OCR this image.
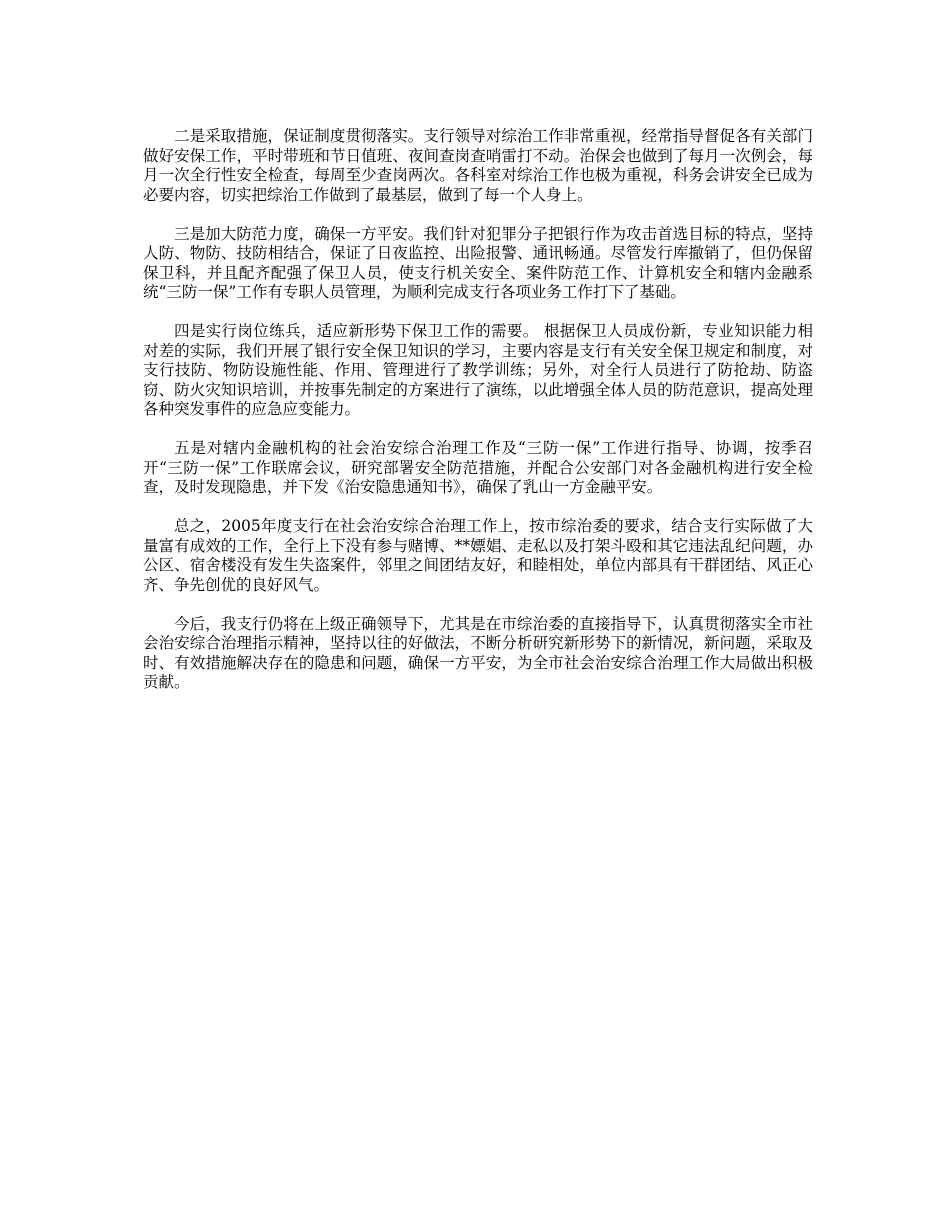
二是采取措施，保证制度贯彻落实。支行领导对综治工作非常重视，经常指导督促各有关部门做好安保工作，平时带班和节日值班、夜间查岗查哨雷打不动。治保会也做到了每月一次例会，每月一次全行性安全检查，每周至少查岗两次。各科室对综治工作也极为重视，科务会讲安全已成为必要内容，切实把综治工作做到了最基层，做到了每一个人身上。

三是加大防范力度，确保一方平安。我们针对犯罪分子把银行作为攻击首选目标的特点，坚持人防、物防、技防相结合，保证了日夜监控、出险报警、通讯畅通。尽管发行库撤销了，但仍保留保卫科，并且配齐配强了保卫人员，使支行机关安全、案件防范工作、计算机安全和辖内金融系统“三防一保”工作有专职人员管理，为顺利完成支行各项业务工作打下了基础。

四是实行岗位练兵，适应新形势下保卫工作的需要。 根据保卫人员成份新，专业知识能力相对差的实际，我们开展了银行安全保卫知识的学习，主要内容是支行有关安全保卫规定和制度，对支行技防、物防设施性能、作用、管理进行了教学训练；另外，对全行人员进行了防抢劫、防盗窃、防火灾知识培训，并按事先制定的方案进行了演练，以此增强全体人员的防范意识，提高处理各种突发事件的应急应变能力。

五是对辖内金融机构的社会治安综合治理工作及“三防一保”工作进行指导、协调，按季召开“三防一保”工作联席会议，研究部署安全防范措施，并配合公安部门对各金融机构进行安全检查，及时发现隐患，并下发《治安隐患通知书》，确保了乳山一方金融平安。

总之，2005年度支行在社会治安综合治理工作上，按市综治委的要求，结合支行实际做了大量富有成效的工作，全行上下没有参与赌博、**嫖娼、走私以及打架斗殴和其它违法乱纪问题，办公区、宿舍楼没有发生失盗案件，邻里之间团结友好，和睦相处，单位内部具有干群团结、风正心齐、争先创优的良好风气。

今后，我支行仍将在上级正确领导下，尤其是在市综治委的直接指导下，认真贯彻落实全市社会治安综合治理指示精神，坚持以往的好做法，不断分析研究新形势下的新情况，新问题，采取及时、有效措施解决存在的隐患和问题，确保一方平安，为全市社会治安综合治理工作大局做出积极贡献。
